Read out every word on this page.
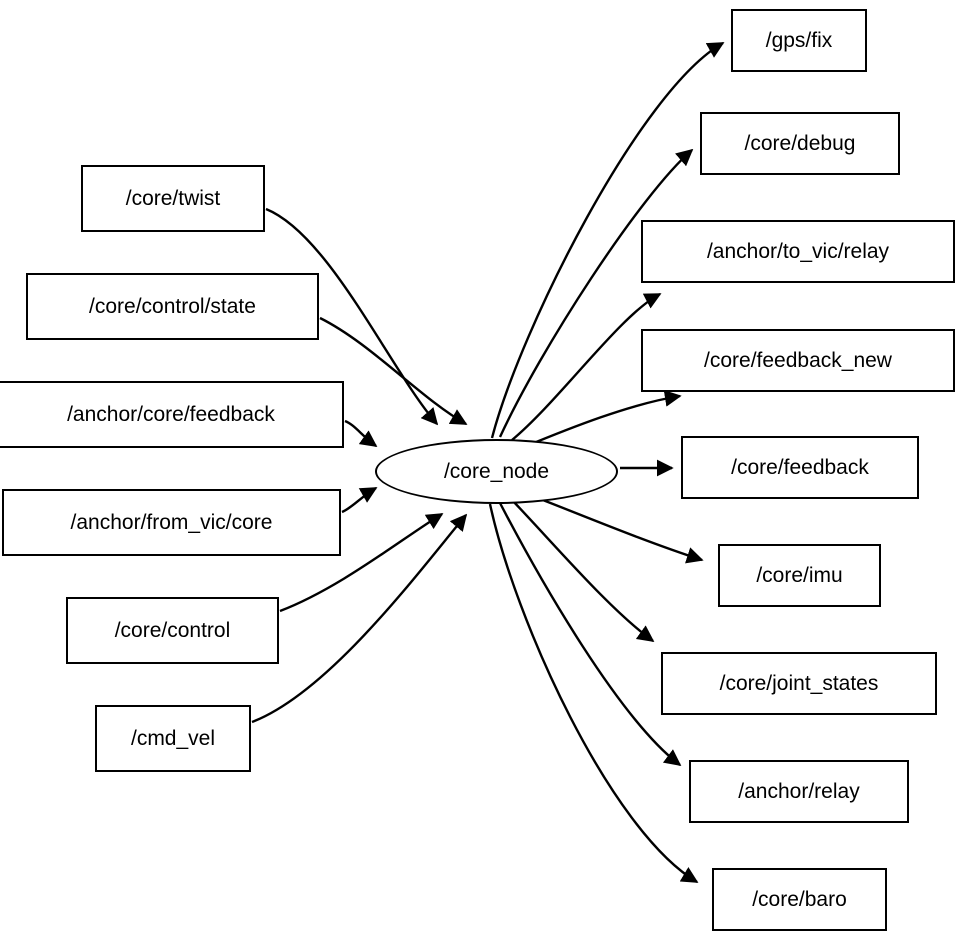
/core_node
/core/twist
/core/control/state
/anchor/core/feedback
/anchor/from_vic/core
/core/control
/cmd_vel
/gps/fix
/core/debug
/anchor/to_vic/relay
/core/feedback_new
/core/feedback
/core/imu
/core/joint_states
/anchor/relay
/core/baro
